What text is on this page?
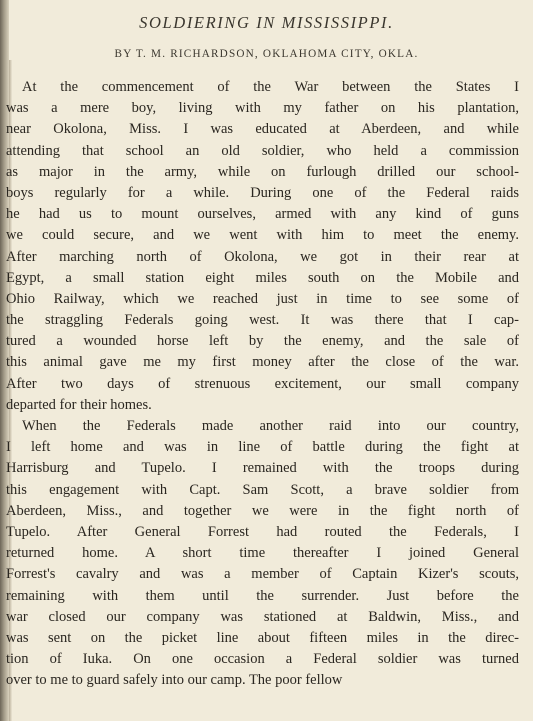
SOLDIERING IN MISSISSIPPI.
BY T. M. RICHARDSON, OKLAHOMA CITY, OKLA.
At the commencement of the War between the States I
was a mere boy, living with my father on his plantation,
near Okolona, Miss. I was educated at Aberdeen, and while
attending that school an old soldier, who held a commission
as major in the army, while on furlough drilled our school-
boys regularly for a while. During one of the Federal raids
he had us to mount ourselves, armed with any kind of guns
we could secure, and we went with him to meet the enemy.
After marching north of Okolona, we got in their rear at
Egypt, a small station eight miles south on the Mobile and
Ohio Railway, which we reached just in time to see some of
the straggling Federals going west. It was there that I cap-
tured a wounded horse left by the enemy, and the sale of
this animal gave me my first money after the close of the war.
After two days of strenuous excitement, our small company
departed for their homes.
When the Federals made another raid into our country,
I left home and was in line of battle during the fight at
Harrisburg and Tupelo. I remained with the troops during
this engagement with Capt. Sam Scott, a brave soldier from
Aberdeen, Miss., and together we were in the fight north of
Tupelo. After General Forrest had routed the Federals, I
returned home. A short time thereafter I joined General
Forrest's cavalry and was a member of Captain Kizer's scouts,
remaining with them until the surrender. Just before the
war closed our company was stationed at Baldwin, Miss., and
was sent on the picket line about fifteen miles in the direc-
tion of Iuka. On one occasion a Federal soldier was turned
over to me to guard safely into our camp. The poor fellow
